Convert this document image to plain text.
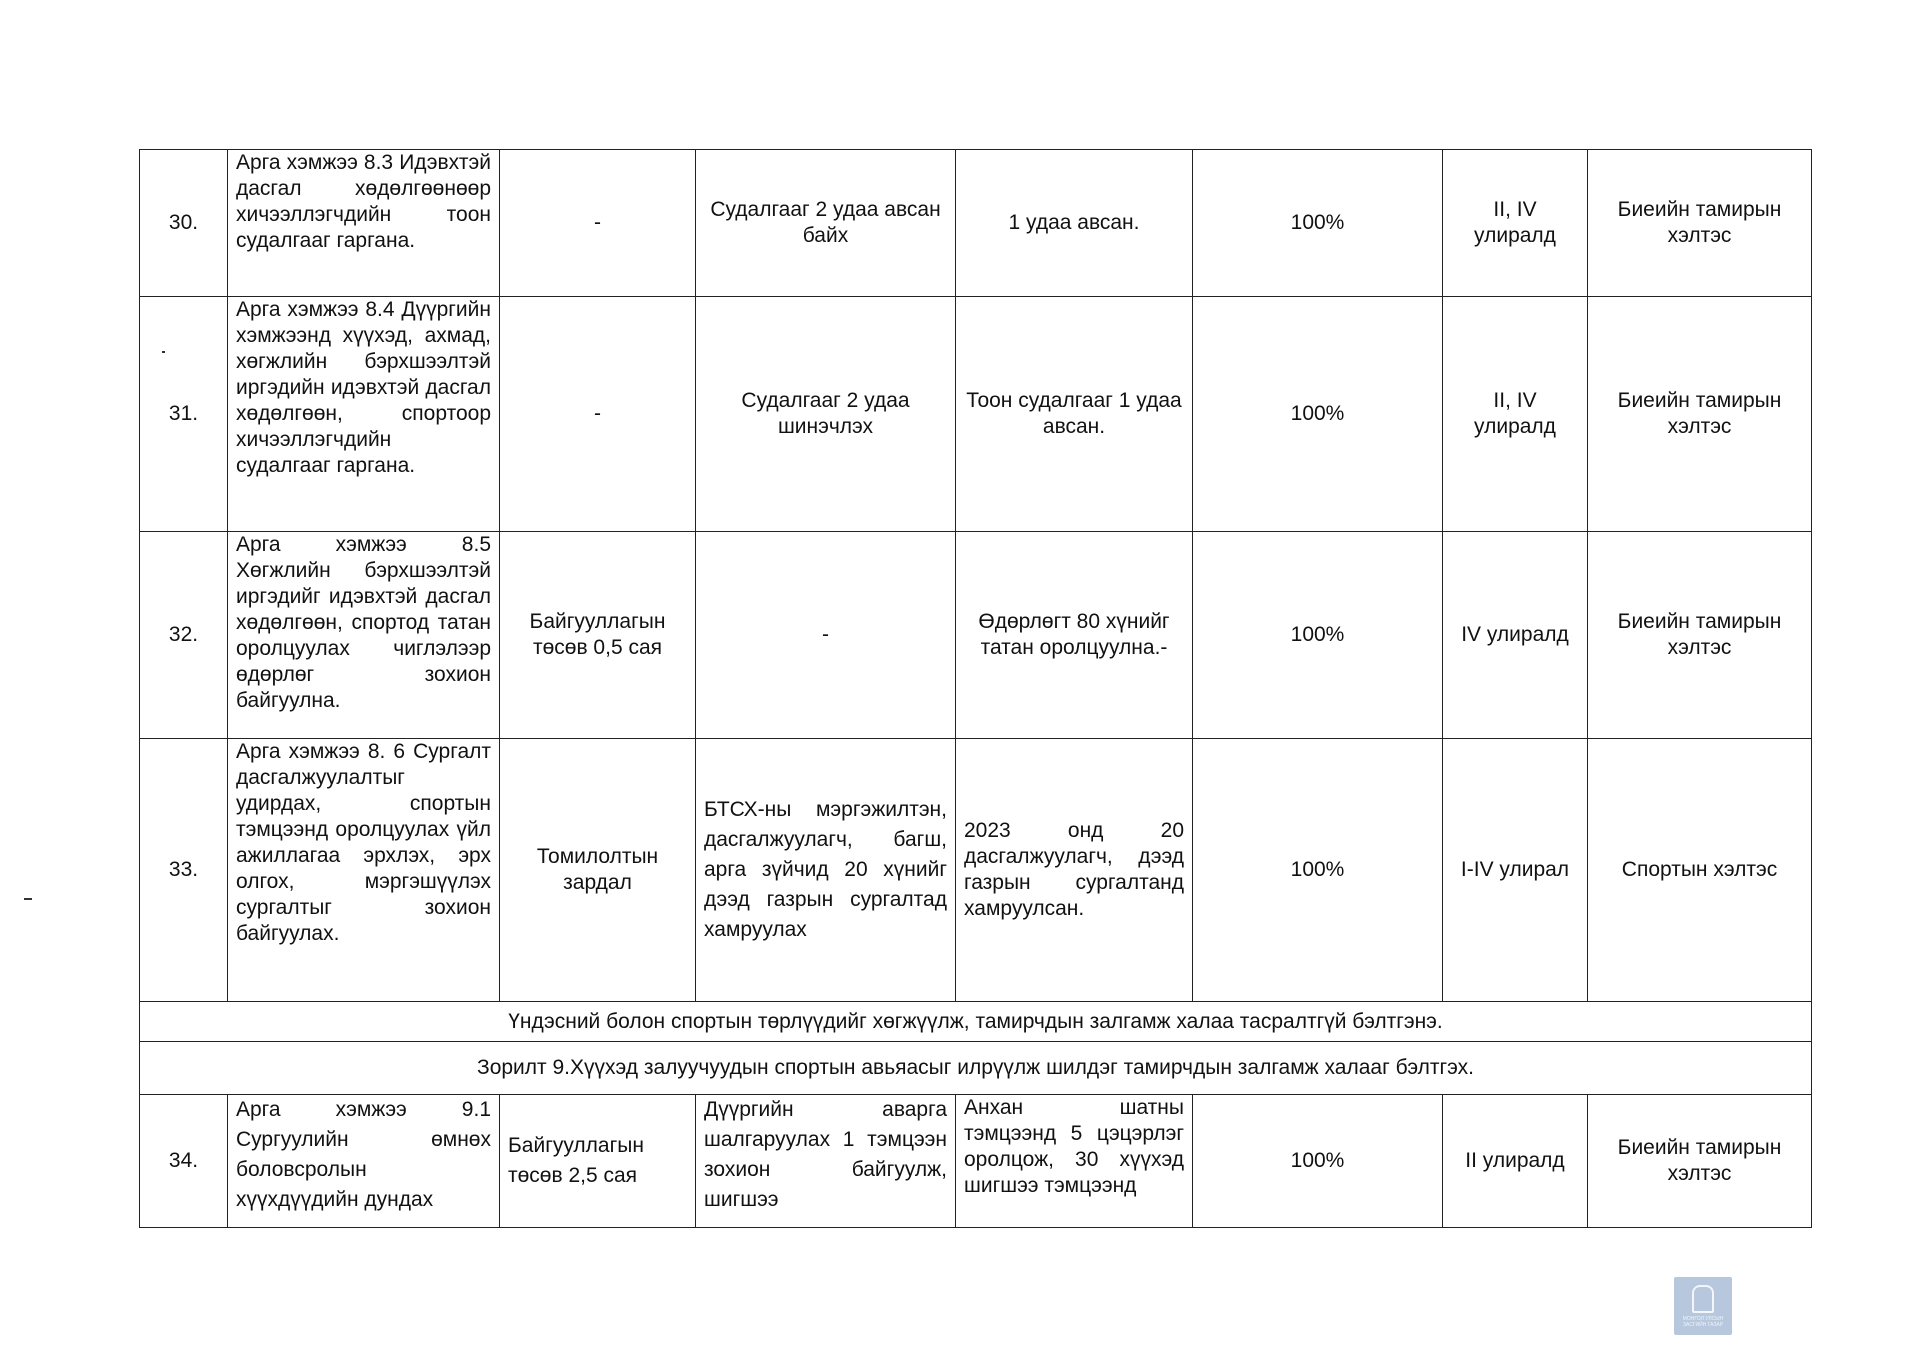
30.	Арга хэмжээ 8.3 Идэвхтэй дасгал хөдөлгөөнөөр хичээллэгчдийн тоон судалгааг гаргана.	-	Судалгааг 2 удаа авсан байх	1 удаа авсан.	100%	II, IV улиралд	Биеийн тамирын хэлтэс
31.	Арга хэмжээ 8.4 Дүүргийн хэмжээнд хүүхэд, ахмад, хөгжлийн бэрхшээлтэй иргэдийн идэвхтэй дасгал хөдөлгөөн, спортоор хичээллэгчдийн судалгааг гаргана.	-	Судалгааг 2 удаа шинэчлэх	Тоон судалгааг 1 удаа авсан.	100%	II, IV улиралд	Биеийн тамирын хэлтэс
32.	Арга хэмжээ 8.5 Хөгжлийн бэрхшээлтэй иргэдийг идэвхтэй дасгал хөдөлгөөн, спортод татан оролцуулах чиглэлээр өдөрлөг зохион байгуулна.	Байгууллагын төсөв 0,5 сая	-	Өдөрлөгт 80 хүнийг татан оролцуулна.-	100%	IV улиралд	Биеийн тамирын хэлтэс
33.	Арга хэмжээ 8. 6 Сургалт дасгалжуулалтыг удирдах, спортын тэмцээнд оролцуулах үйл ажиллагаа эрхлэх, эрх олгох, мэргэшүүлэх сургалтыг зохион байгуулах.	Томилолтын зардал	БТСХ-ны мэргэжилтэн, дасгалжуулагч, багш, арга зүйчид 20 хүнийг дээд газрын сургалтад хамруулах	2023 онд 20 дасгалжуулагч, дээд газрын сургалтанд хамруулсан.	100%	I-IV улирал	Спортын хэлтэс
Үндэсний болон спортын төрлүүдийг хөгжүүлж, тамирчдын залгамж халаа тасралтгүй бэлтгэнэ.							
Зорилт 9.Хүүхэд залуучуудын спортын авьяасыг илрүүлж шилдэг тамирчдын залгамж халааг бэлтгэх.							
34.	Арга хэмжээ 9.1 Сургуулийн өмнөх боловсролын хүүхдүүдийн дундах	Байгууллагын төсөв 2,5 сая	Дүүргийн аварга шалгаруулах 1 тэмцээн зохион байгуулж, шигшээ	Анхан шатны тэмцээнд 5 цэцэрлэг оролцож, 30 хүүхэд шигшээ тэмцээнд	100%	II улиралд	Биеийн тамирын хэлтэс
МОНГОЛ УЛСЫН
ЗАСГИЙН ГАЗАР
